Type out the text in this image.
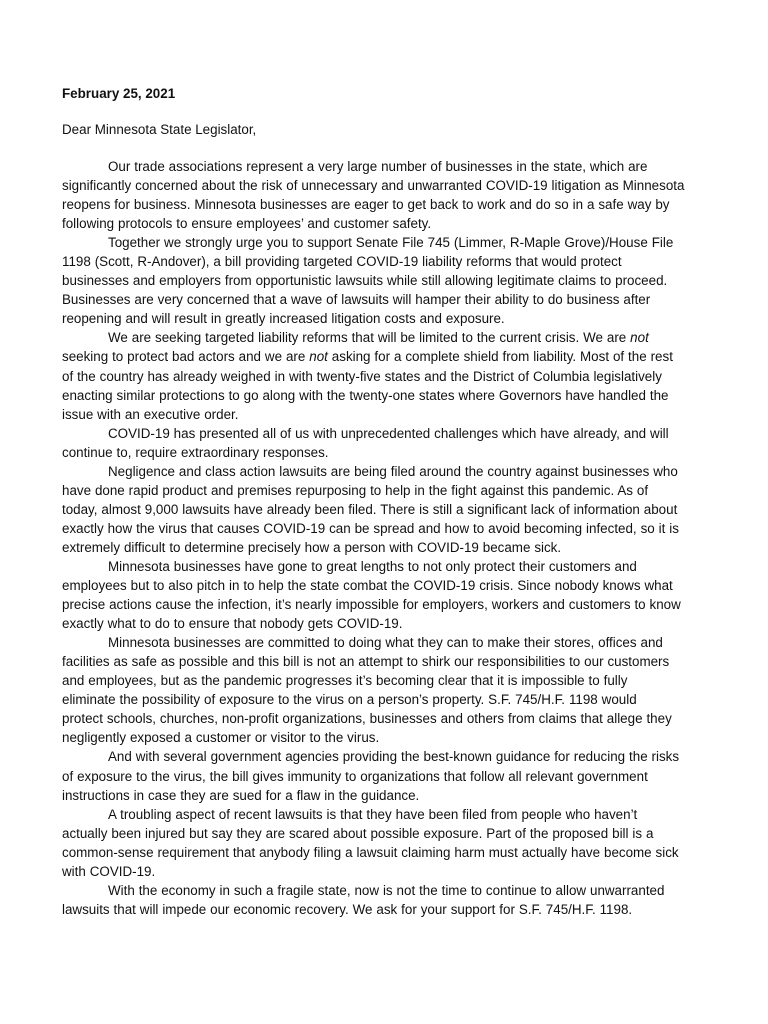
February 25, 2021

Dear Minnesota State Legislator,

Our trade associations represent a very large number of businesses in the state, which are
significantly concerned about the risk of unnecessary and unwarranted COVID-19 litigation as Minnesota
reopens for business. Minnesota businesses are eager to get back to work and do so in a safe way by
following protocols to ensure employees’ and customer safety.

Together we strongly urge you to support Senate File 745 (Limmer, R-Maple Grove)/House File
1198 (Scott, R-Andover), a bill providing targeted COVID-19 liability reforms that would protect
businesses and employers from opportunistic lawsuits while still allowing legitimate claims to proceed.
Businesses are very concerned that a wave of lawsuits will hamper their ability to do business after
reopening and will result in greatly increased litigation costs and exposure.

We are seeking targeted liability reforms that will be limited to the current crisis. We are not
seeking to protect bad actors and we are not asking for a complete shield from liability. Most of the rest
of the country has already weighed in with twenty-five states and the District of Columbia legislatively
enacting similar protections to go along with the twenty-one states where Governors have handled the
issue with an executive order.

COVID-19 has presented all of us with unprecedented challenges which have already, and will
continue to, require extraordinary responses.

Negligence and class action lawsuits are being filed around the country against businesses who
have done rapid product and premises repurposing to help in the fight against this pandemic. As of
today, almost 9,000 lawsuits have already been filed. There is still a significant lack of information about
exactly how the virus that causes COVID-19 can be spread and how to avoid becoming infected, so it is
extremely difficult to determine precisely how a person with COVID-19 became sick.

Minnesota businesses have gone to great lengths to not only protect their customers and
employees but to also pitch in to help the state combat the COVID-19 crisis. Since nobody knows what
precise actions cause the infection, it’s nearly impossible for employers, workers and customers to know
exactly what to do to ensure that nobody gets COVID-19.

Minnesota businesses are committed to doing what they can to make their stores, offices and
facilities as safe as possible and this bill is not an attempt to shirk our responsibilities to our customers
and employees, but as the pandemic progresses it’s becoming clear that it is impossible to fully
eliminate the possibility of exposure to the virus on a person’s property. S.F. 745/H.F. 1198 would
protect schools, churches, non-profit organizations, businesses and others from claims that allege they
negligently exposed a customer or visitor to the virus.

And with several government agencies providing the best-known guidance for reducing the risks
of exposure to the virus, the bill gives immunity to organizations that follow all relevant government
instructions in case they are sued for a flaw in the guidance.

A troubling aspect of recent lawsuits is that they have been filed from people who haven’t
actually been injured but say they are scared about possible exposure. Part of the proposed bill is a
common-sense requirement that anybody filing a lawsuit claiming harm must actually have become sick
with COVID-19.

With the economy in such a fragile state, now is not the time to continue to allow unwarranted
lawsuits that will impede our economic recovery. We ask for your support for S.F. 745/H.F. 1198.
